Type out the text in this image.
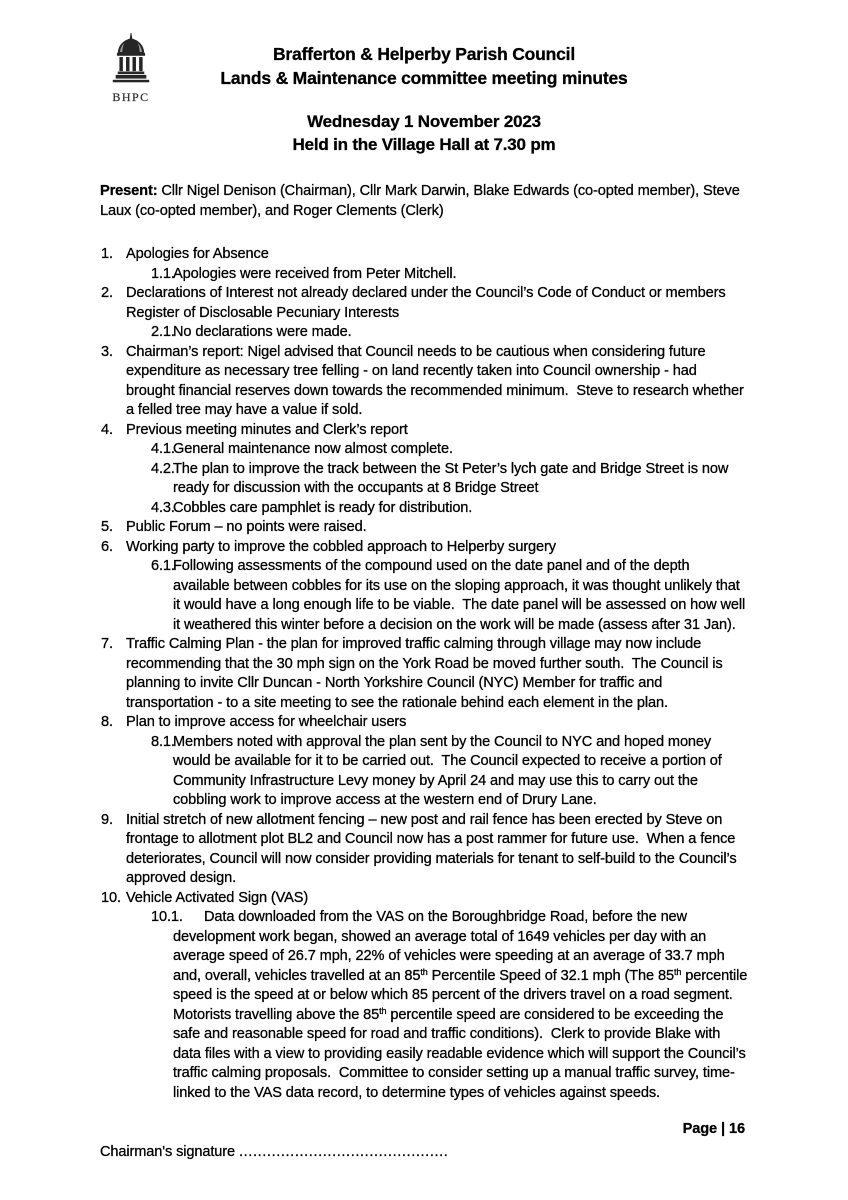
BHPC
Brafferton & Helperby Parish Council
Lands & Maintenance committee meeting minutes
Wednesday 1 November 2023
Held in the Village Hall at 7.30 pm

Present: Cllr Nigel Denison (Chairman), Cllr Mark Darwin, Blake Edwards (co-opted member), Steve Laux (co-opted member), and Roger Clements (Clerk)

1. Apologies for Absence
1.1.
Apologies were received from Peter Mitchell.
2. Declarations of Interest not already declared under the Council’s Code of Conduct or members Register of Disclosable Pecuniary Interests
2.1.
No declarations were made.
3. Chairman’s report: Nigel advised that Council needs to be cautious when considering future expenditure as necessary tree felling - on land recently taken into Council ownership - had brought financial reserves down towards the recommended minimum.  Steve to research whether a felled tree may have a value if sold.
4. Previous meeting minutes and Clerk’s report
4.1.
General maintenance now almost complete.
4.2.
The plan to improve the track between the St Peter’s lych gate and Bridge Street is now ready for discussion with the occupants at 8 Bridge Street
4.3.
Cobbles care pamphlet is ready for distribution.
5. Public Forum – no points were raised.
6. Working party to improve the cobbled approach to Helperby surgery
6.1.
Following assessments of the compound used on the date panel and of the depth available between cobbles for its use on the sloping approach, it was thought unlikely that it would have a long enough life to be viable.  The date panel will be assessed on how well it weathered this winter before a decision on the work will be made (assess after 31 Jan).
7. Traffic Calming Plan - the plan for improved traffic calming through village may now include recommending that the 30 mph sign on the York Road be moved further south.  The Council is planning to invite Cllr Duncan - North Yorkshire Council (NYC) Member for traffic and transportation - to a site meeting to see the rationale behind each element in the plan.
8. Plan to improve access for wheelchair users
8.1.
Members noted with approval the plan sent by the Council to NYC and hoped money would be available for it to be carried out.  The Council expected to receive a portion of Community Infrastructure Levy money by April 24 and may use this to carry out the cobbling work to improve access at the western end of Drury Lane.
9. Initial stretch of new allotment fencing – new post and rail fence has been erected by Steve on frontage to allotment plot BL2 and Council now has a post rammer for future use.  When a fence deteriorates, Council will now consider providing materials for tenant to self-build to the Council’s approved design.
10. Vehicle Activated Sign (VAS)
10.1.	Data downloaded from the VAS on the Boroughbridge Road, before the new development work began, showed an average total of 1649 vehicles per day with an average speed of 26.7 mph, 22% of vehicles were speeding at an average of 33.7 mph and, overall, vehicles travelled at an 85th Percentile Speed of 32.1 mph (The 85th percentile speed is the speed at or below which 85 percent of the drivers travel on a road segment.  Motorists travelling above the 85th percentile speed are considered to be exceeding the safe and reasonable speed for road and traffic conditions).  Clerk to provide Blake with data files with a view to providing easily readable evidence which will support the Council’s traffic calming proposals.  Committee to consider setting up a manual traffic survey, time-linked to the VAS data record, to determine types of vehicles against speeds.
Page | 16
Chairman's signature .............................................
